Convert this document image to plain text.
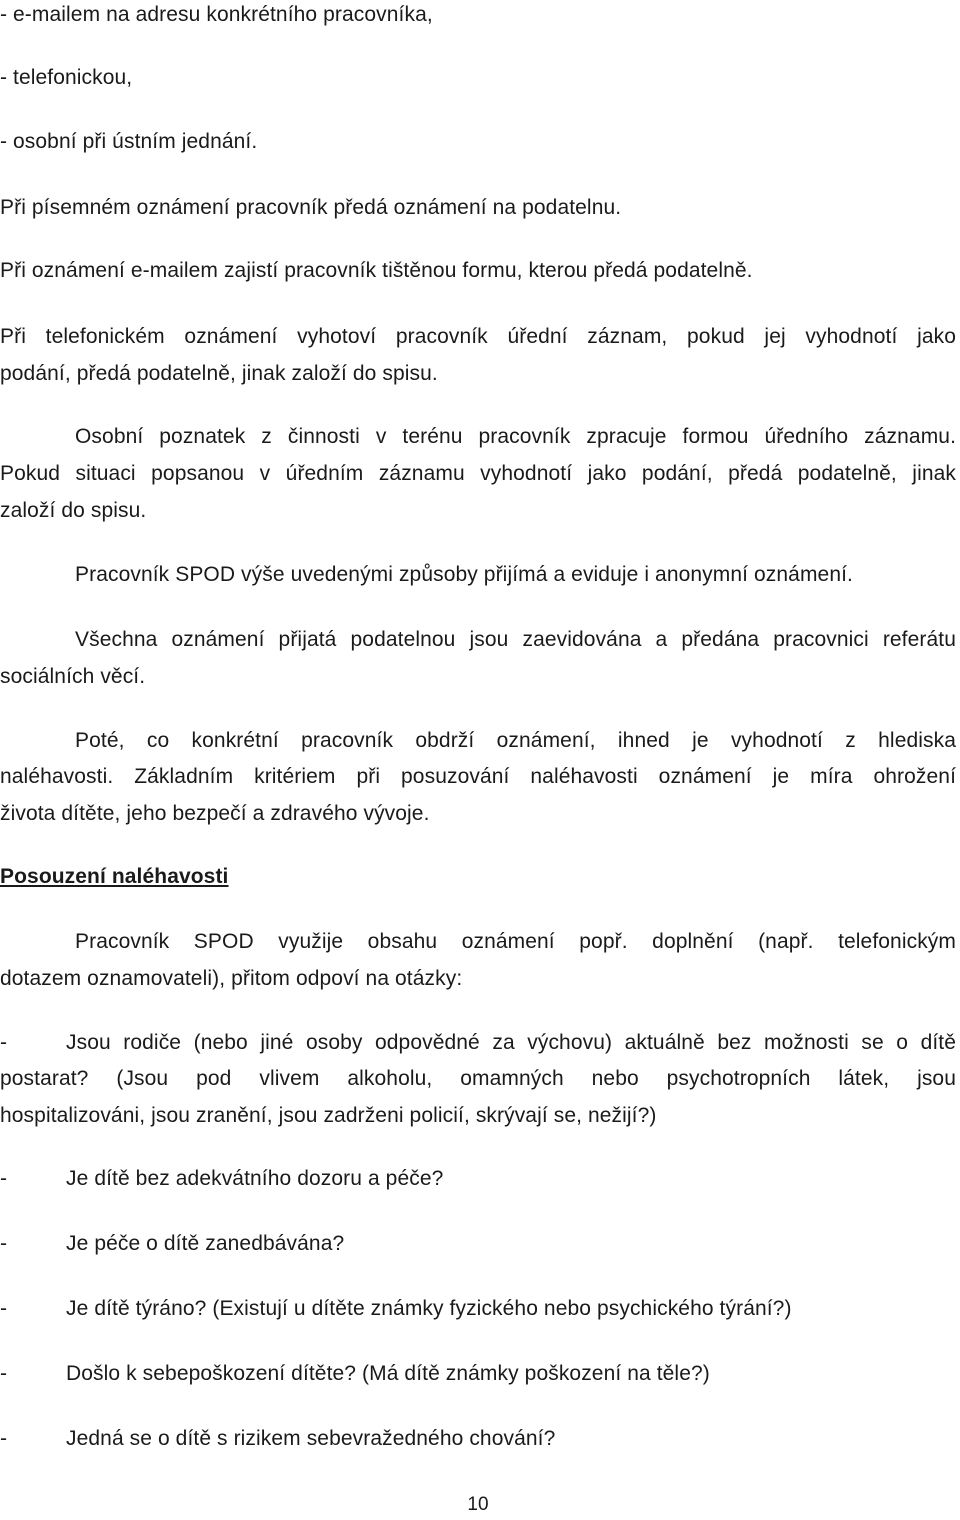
- e-mailem na adresu konkrétního pracovníka,

- telefonickou,

- osobní při ústním jednání.

Při písemném oznámení pracovník předá oznámení na podatelnu.

Při oznámení e-mailem zajistí pracovník tištěnou formu, kterou předá podatelně.

Při telefonickém oznámení vyhotoví pracovník úřední záznam, pokud jej vyhodnotí jako

podání, předá podatelně, jinak založí do spisu.

Osobní poznatek z činnosti v terénu pracovník zpracuje formou úředního záznamu.

Pokud situaci popsanou v úředním záznamu vyhodnotí jako podání, předá podatelně, jinak

založí do spisu.

Pracovník SPOD výše uvedenými způsoby přijímá a eviduje i anonymní oznámení.

Všechna oznámení přijatá podatelnou jsou zaevidována a předána pracovnici referátu

sociálních věcí.

Poté, co konkrétní pracovník obdrží oznámení, ihned je vyhodnotí z hlediska

naléhavosti. Základním kritériem při posuzování naléhavosti oznámení je míra ohrožení

života dítěte, jeho bezpečí a zdravého vývoje.

Posouzení naléhavosti

Pracovník SPOD využije obsahu oznámení popř. doplnění (např. telefonickým

dotazem oznamovateli), přitom odpoví na otázky:

-	Jsou rodiče (nebo jiné osoby odpovědné za výchovu) aktuálně bez možnosti se o dítě

postarat? (Jsou pod vlivem alkoholu, omamných nebo psychotropních látek, jsou

hospitalizováni, jsou zranění, jsou zadrženi policií, skrývají se, nežijí?)

-	Je dítě bez adekvátního dozoru a péče?
-	Je péče o dítě zanedbávána?
-	Je dítě týráno? (Existují u dítěte známky fyzického nebo psychického týrání?)
-	Došlo k sebepoškození dítěte? (Má dítě známky poškození na těle?)
-	Jedná se o dítě s rizikem sebevražedného chování?
10
